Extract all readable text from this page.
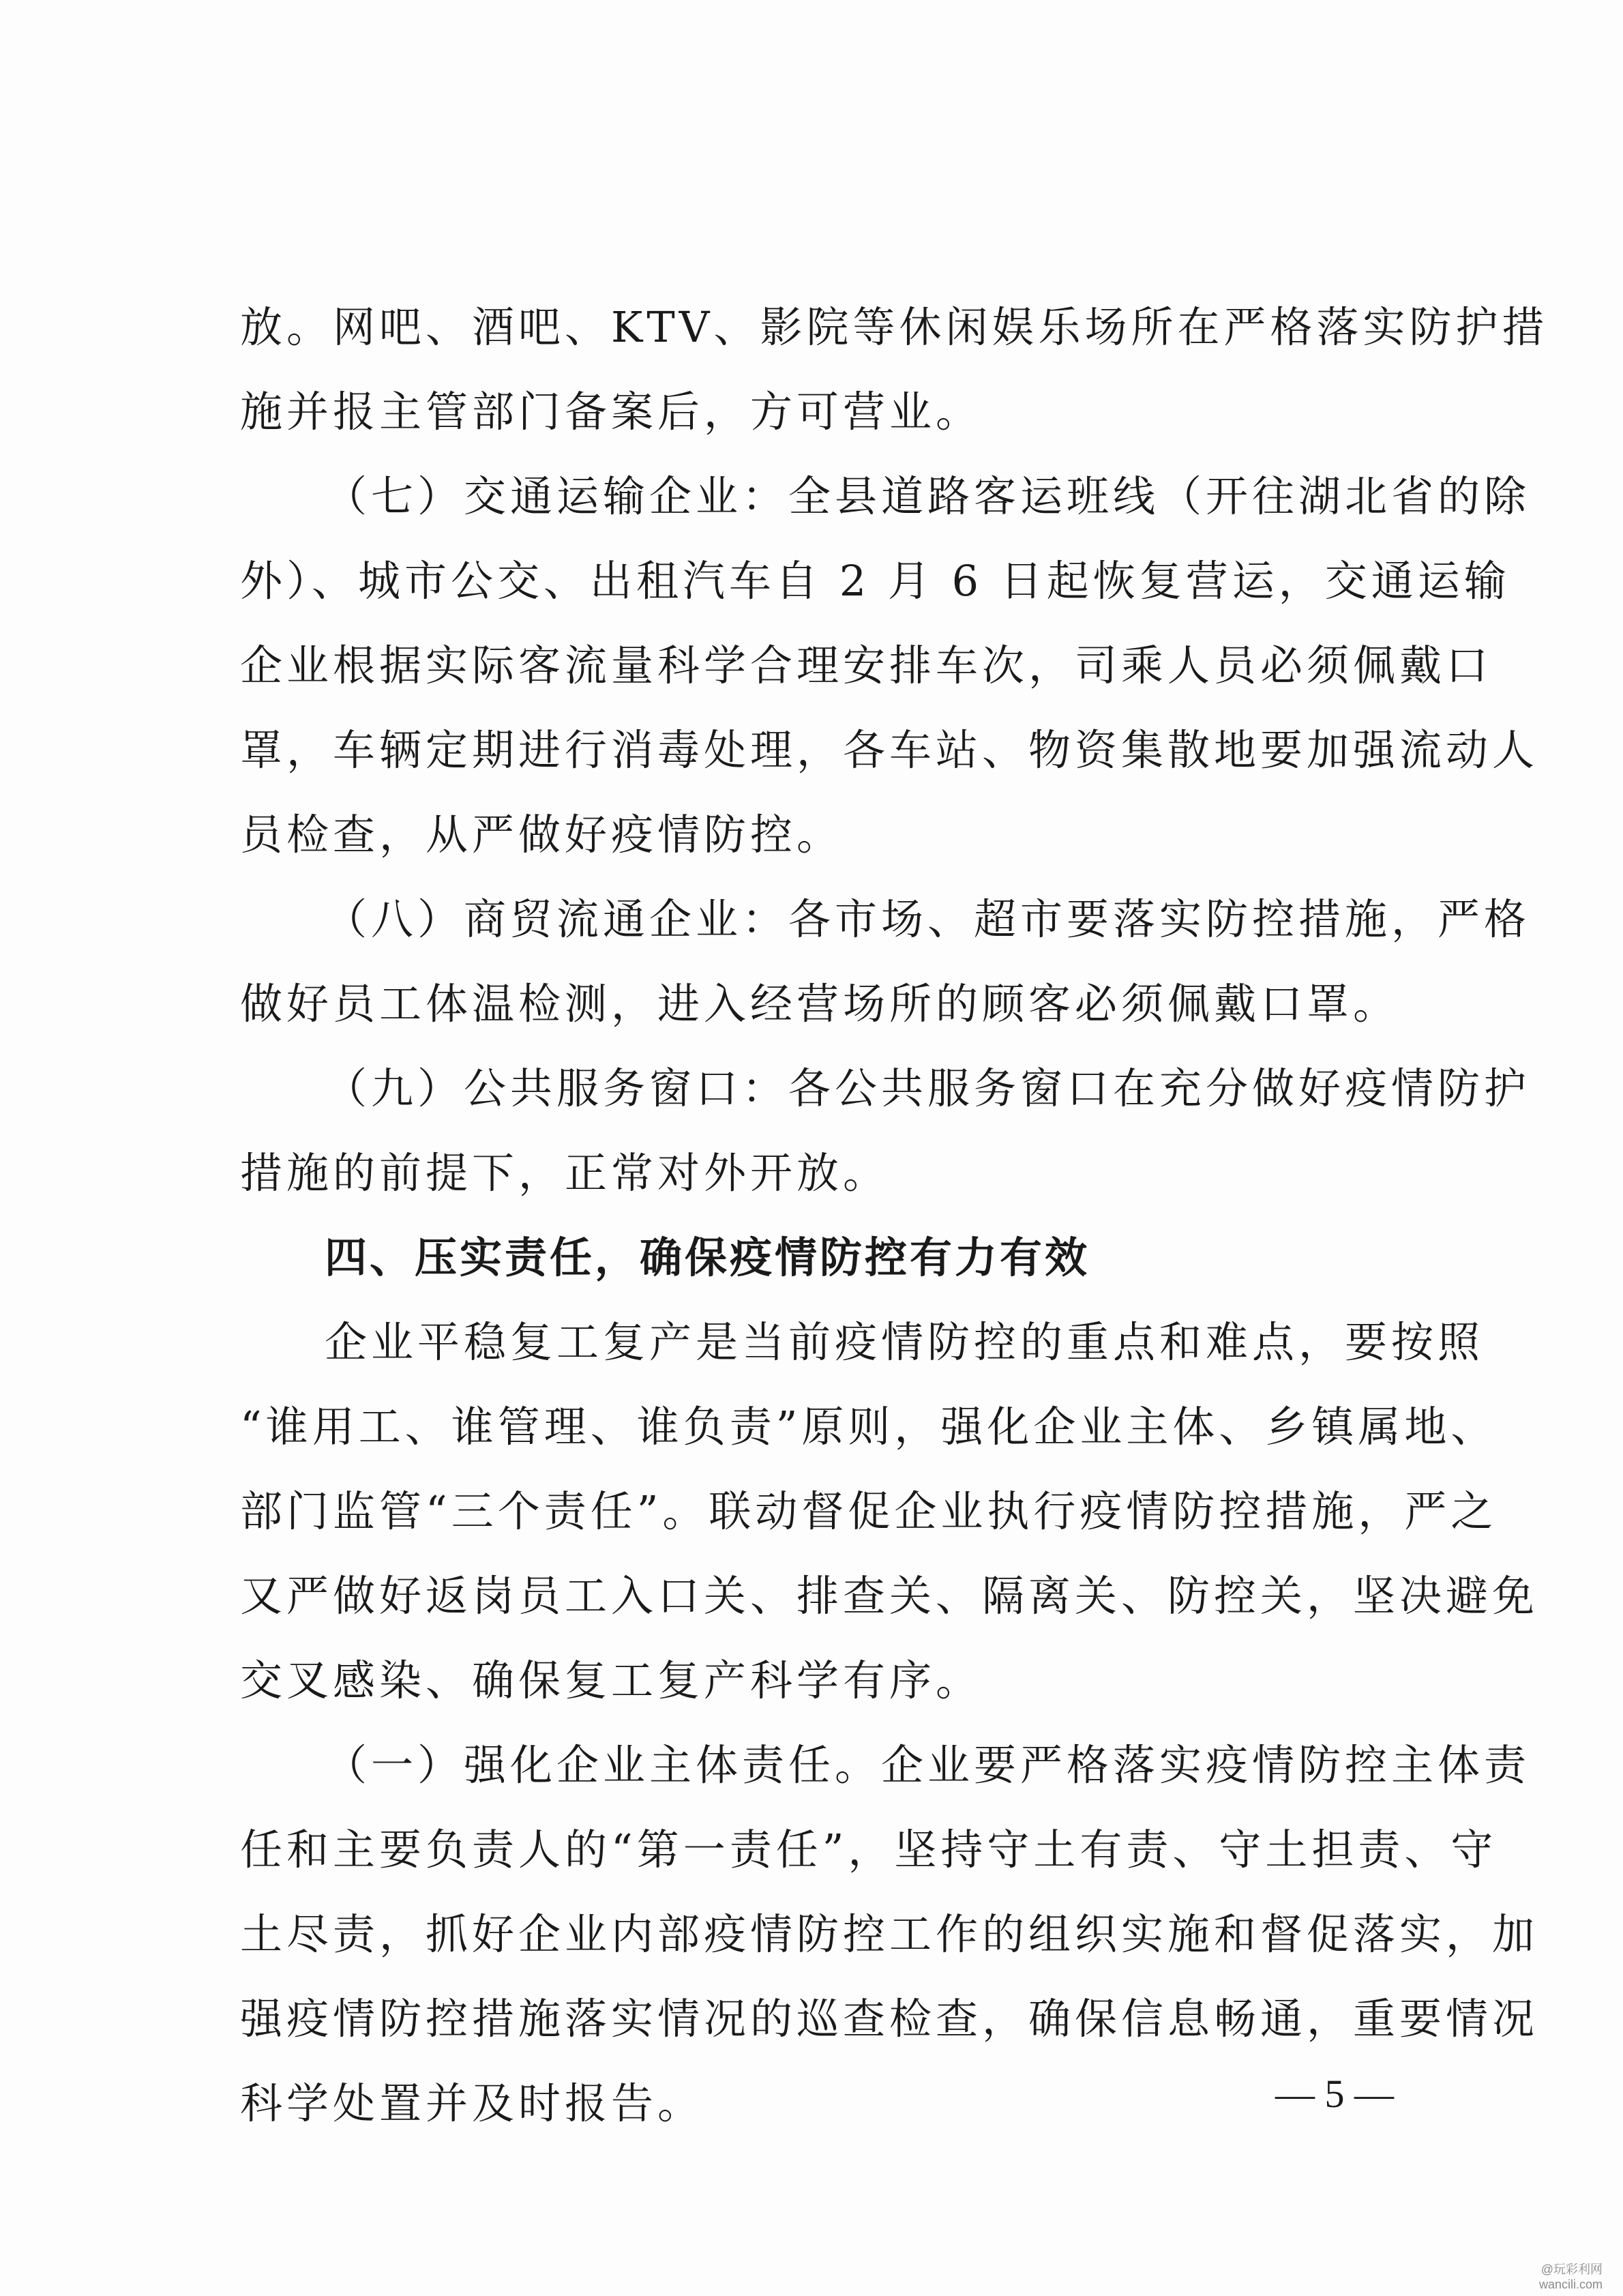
放。网吧、酒吧、KTV、影院等休闲娱乐场所在严格落实防护措
施并报主管部门备案后，方可营业。
（七）交通运输企业：全县道路客运班线（开往湖北省的除
外）、城市公交、出租汽车自 2 月 6 日起恢复营运，交通运输
企业根据实际客流量科学合理安排车次，司乘人员必须佩戴口
罩，车辆定期进行消毒处理，各车站、物资集散地要加强流动人
员检查，从严做好疫情防控。
（八）商贸流通企业：各市场、超市要落实防控措施，严格
做好员工体温检测，进入经营场所的顾客必须佩戴口罩。
（九）公共服务窗口：各公共服务窗口在充分做好疫情防护
措施的前提下，正常对外开放。
四、压实责任，确保疫情防控有力有效
企业平稳复工复产是当前疫情防控的重点和难点，要按照
“谁用工、谁管理、谁负责”原则，强化企业主体、乡镇属地、
部门监管“三个责任”。联动督促企业执行疫情防控措施，严之
又严做好返岗员工入口关、排查关、隔离关、防控关，坚决避免
交叉感染、确保复工复产科学有序。
（一）强化企业主体责任。企业要严格落实疫情防控主体责
任和主要负责人的“第一责任”，坚持守土有责、守土担责、守
土尽责，抓好企业内部疫情防控工作的组织实施和督促落实，加
强疫情防控措施落实情况的巡查检查，确保信息畅通，重要情况
科学处置并及时报告。	— 5 —
@玩彩利网
wancili.com
